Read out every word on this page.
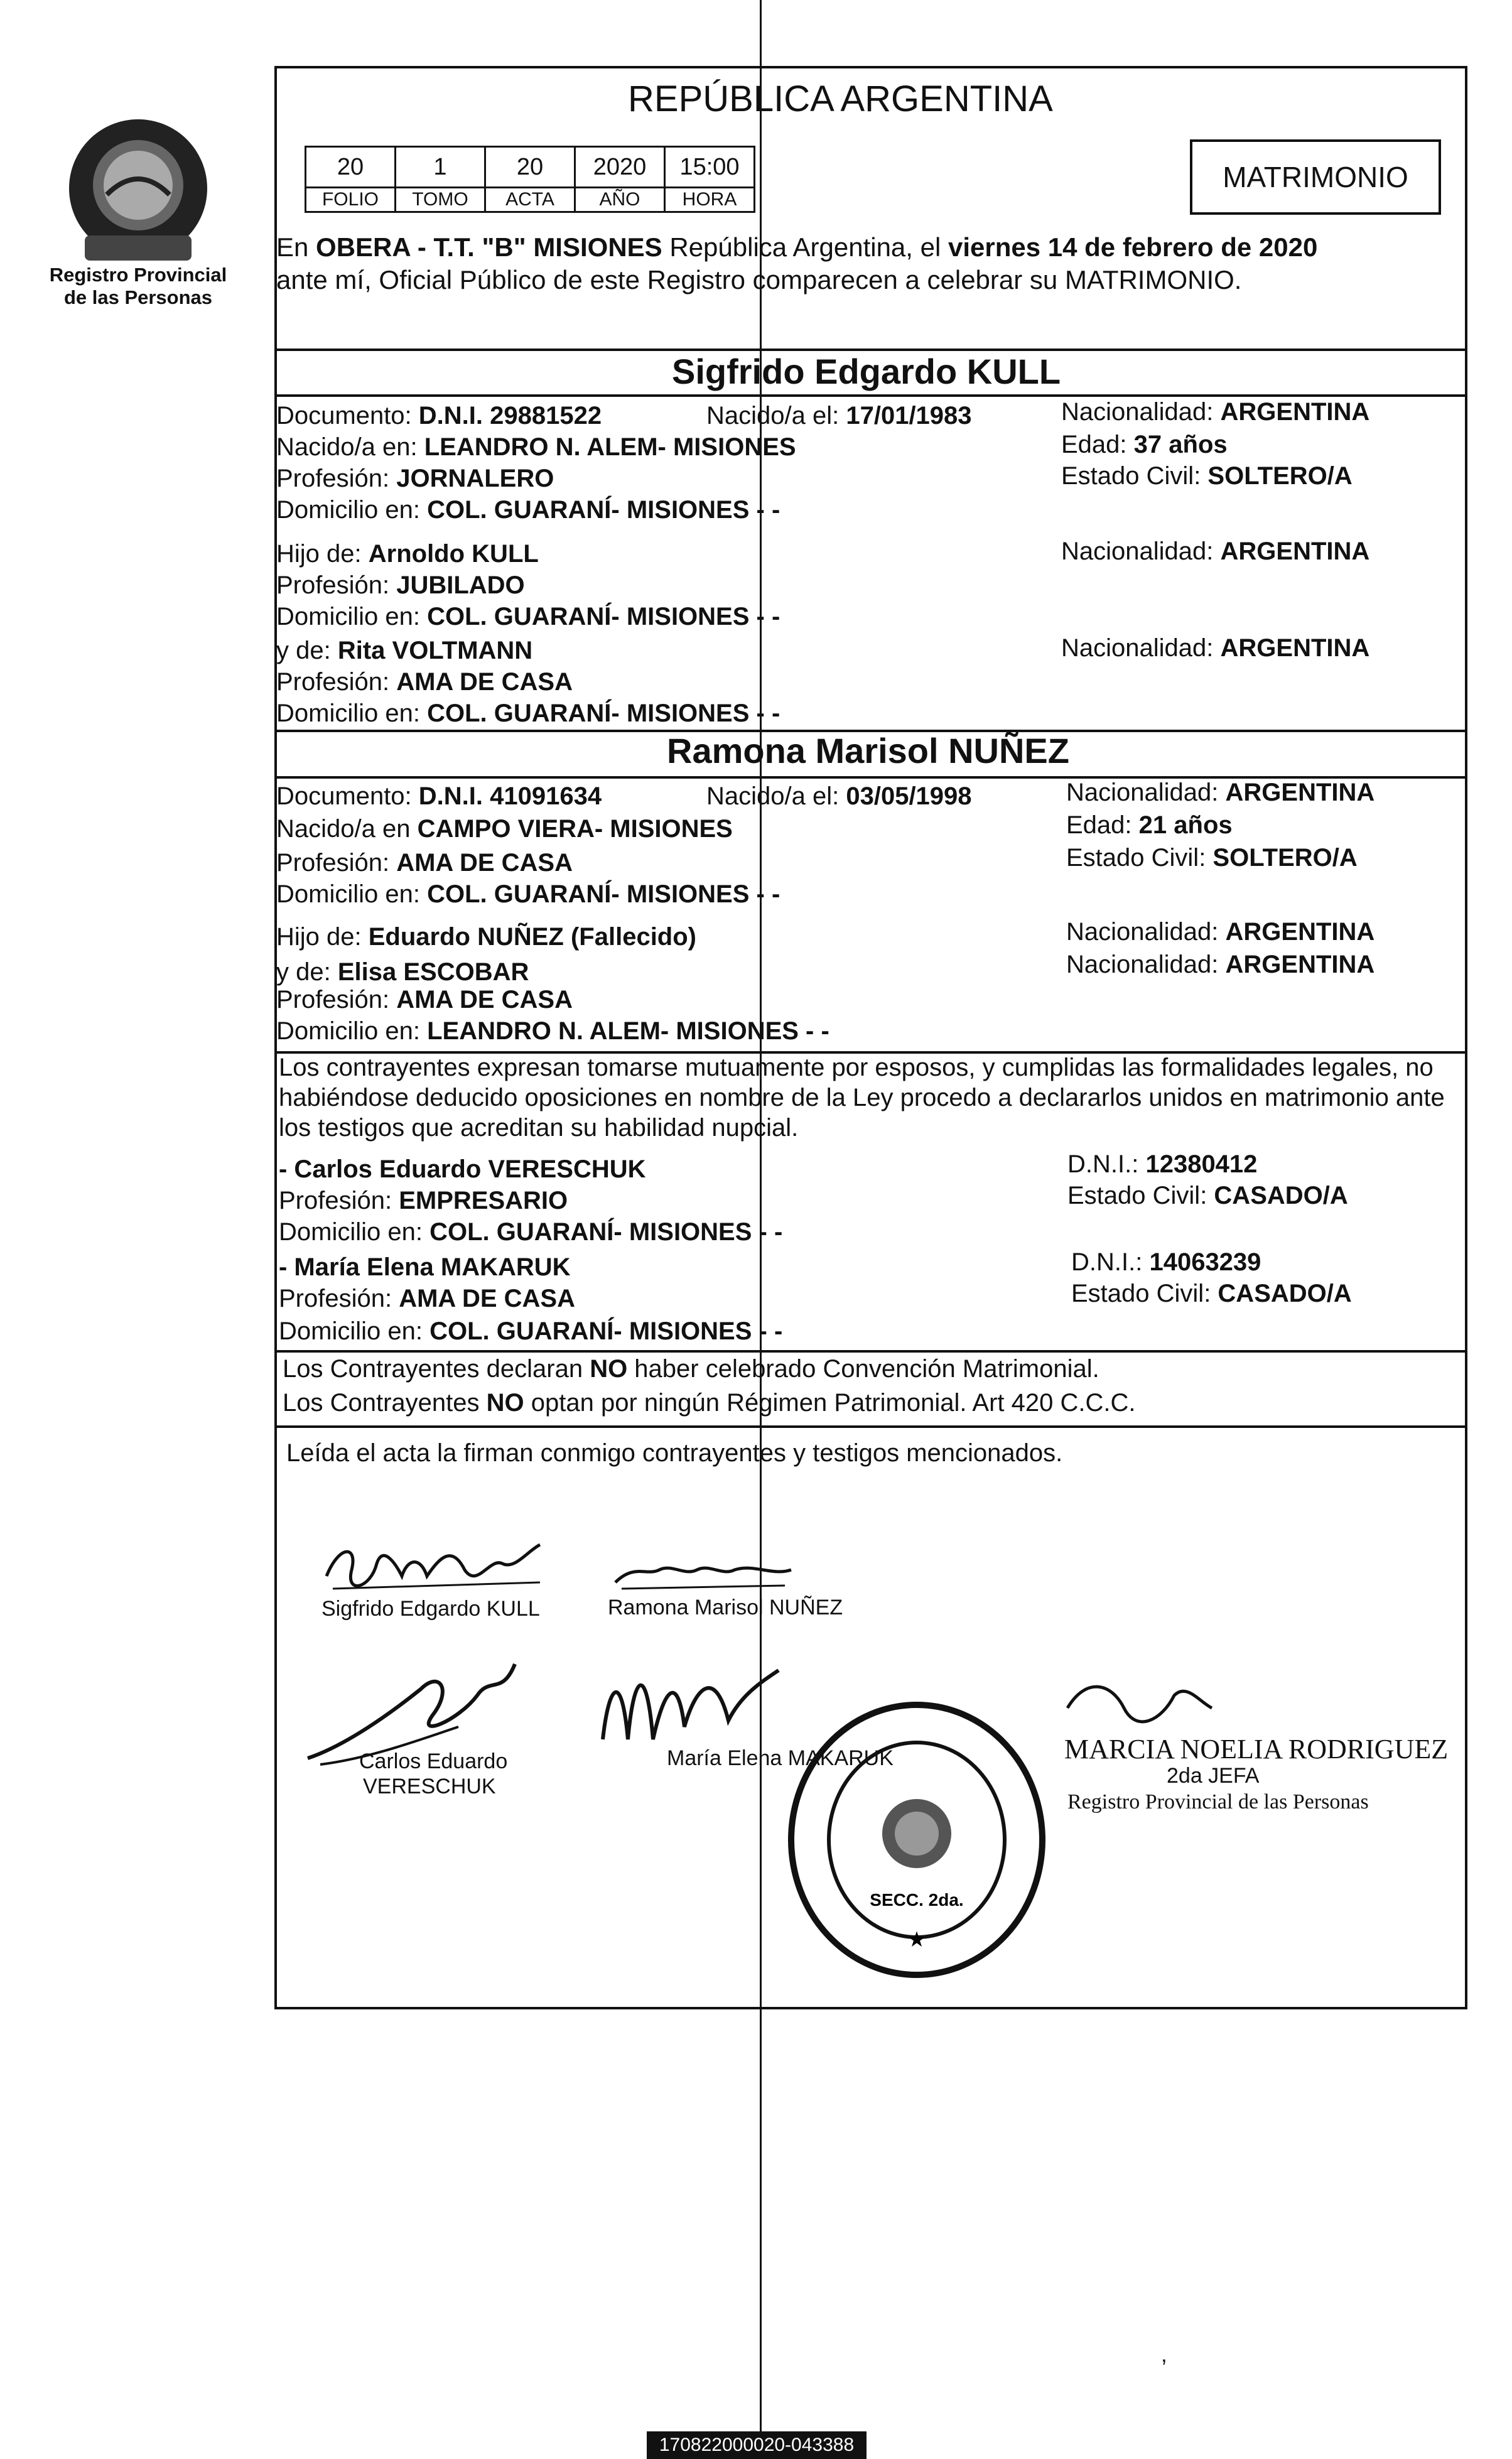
Registro Provincial
de las Personas
REPÚBLICA ARGENTINA
20	1	20	2020	15:00
FOLIO	TOMO	ACTA	AÑO	HORA
MATRIMONIO
En OBERA - T.T. "B" MISIONES República Argentina, el viernes 14 de febrero de 2020
ante mí, Oficial Público de este Registro comparecen a celebrar su MATRIMONIO.
Sigfrido Edgardo KULL
Documento: D.N.I. 29881522	Nacido/a el: 17/01/1983	Nacionalidad: ARGENTINA
Nacido/a en: LEANDRO N. ALEM- MISIONES	Edad: 37 años
Profesión: JORNALERO	Estado Civil: SOLTERO/A
Domicilio en: COL. GUARANÍ- MISIONES - -
Hijo de: Arnoldo KULL	Nacionalidad: ARGENTINA
Profesión: JUBILADO
Domicilio en: COL. GUARANÍ- MISIONES - -
y de: Rita VOLTMANN	Nacionalidad: ARGENTINA
Profesión: AMA DE CASA
Domicilio en: COL. GUARANÍ- MISIONES - -
Ramona Marisol NUÑEZ
Documento: D.N.I. 41091634	Nacido/a el: 03/05/1998	Nacionalidad: ARGENTINA
Nacido/a en CAMPO VIERA- MISIONES	Edad: 21 años
Profesión: AMA DE CASA	Estado Civil: SOLTERO/A
Domicilio en: COL. GUARANÍ- MISIONES - -
Hijo de: Eduardo NUÑEZ (Fallecido)	Nacionalidad: ARGENTINA
y de: Elisa ESCOBAR	Nacionalidad: ARGENTINA
Profesión: AMA DE CASA
Domicilio en: LEANDRO N. ALEM- MISIONES - -
Los contrayentes expresan tomarse mutuamente por esposos, y cumplidas las formalidades legales, no
habiéndose deducido oposiciones en nombre de la Ley procedo a declararlos unidos en matrimonio ante
los testigos que acreditan su habilidad nupcial.
- Carlos Eduardo VERESCHUK	D.N.I.: 12380412
Profesión: EMPRESARIO	Estado Civil: CASADO/A
Domicilio en: COL. GUARANÍ- MISIONES - -
- María Elena MAKARUK	D.N.I.: 14063239
Profesión: AMA DE CASA	Estado Civil: CASADO/A
Domicilio en: COL. GUARANÍ- MISIONES - -
Los Contrayentes declaran NO haber celebrado Convención Matrimonial.
Los Contrayentes NO optan por ningún Régimen Patrimonial. Art 420 C.C.C.
Leída el acta la firman conmigo contrayentes y testigos mencionados.
Sigfrido Edgardo KULL	Ramona Marisol NUÑEZ
Carlos Eduardo
VERESCHUK
María Elena MAKARUK
SECC. 2da.
★
MARCIA NOELIA RODRIGUEZ
2da JEFA
Registro Provincial de las Personas
ʼ
170822000020-043388
